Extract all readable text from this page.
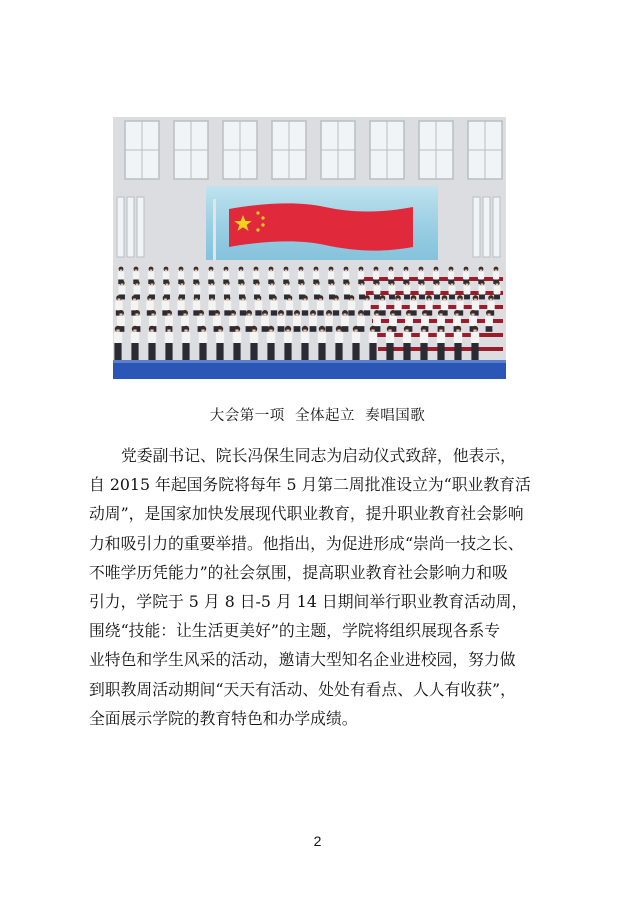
大会第一项  全体起立  奏唱国歌
党委副书记、院长冯保生同志为启动仪式致辞，他表示，
自 2015 年起国务院将每年 5 月第二周批准设立为“职业教育活
动周”，是国家加快发展现代职业教育，提升职业教育社会影响
力和吸引力的重要举措。他指出，为促进形成“崇尚一技之长、
不唯学历凭能力”的社会氛围，提高职业教育社会影响力和吸
引力，学院于 5 月 8 日-5 月 14 日期间举行职业教育活动周，
围绕“技能：让生活更美好”的主题，学院将组织展现各系专
业特色和学生风采的活动，邀请大型知名企业进校园，努力做
到职教周活动期间“天天有活动、处处有看点、人人有收获”，
全面展示学院的教育特色和办学成绩。
2
